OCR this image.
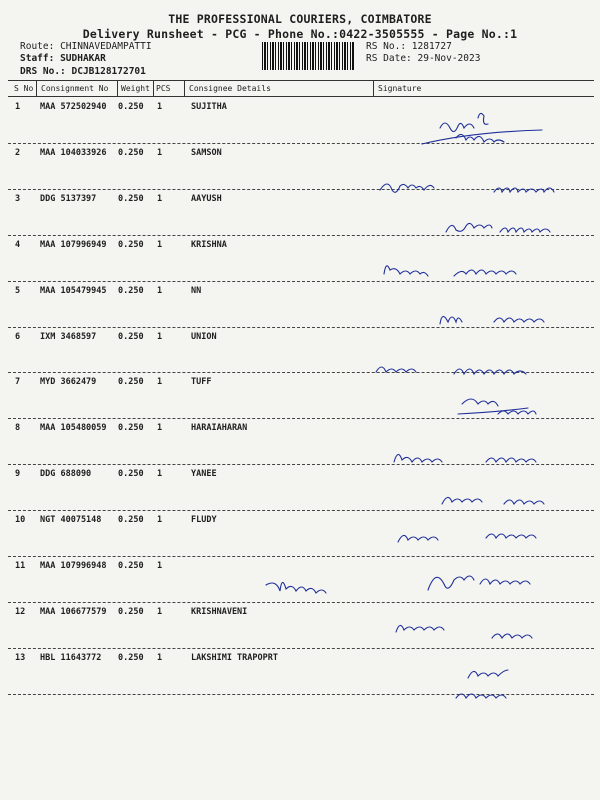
THE PROFESSIONAL COURIERS, COIMBATORE
Delivery Runsheet - PCG - Phone No.:0422-3505555 - Page No.:1
Route: CHINNAVEDAMPATTI
Staff: SUDHAKAR
DRS No.: DCJB128172701
RS No.: 1281727
RS Date: 29-Nov-2023
S No Consignment No Weight PCS Consignee Details	Signature
1 MAA 572502940 0.250 1	SUJITHA
2 MAA 104033926 0.250 1	SAMSON
3 DDG 5137397	0.250 1	AAYUSH
4 MAA 107996949 0.250 1	KRISHNA
5 MAA 105479945 0.250 1	NN
6 IXM 3468597	0.250 1	UNION
7 MYD 3662479	0.250 1	TUFF
8 MAA 105480059 0.250 1	HARAIAHARAN
9 DDG 688090	0.250 1	YANEE
10 NGT 40075148 0.250 1	FLUDY
11 MAA 107996948 0.250 1
12 MAA 106677579 0.250 1	KRISHNAVENI
13 HBL 11643772 0.250 1	LAKSHIMI TRAPOPRT
